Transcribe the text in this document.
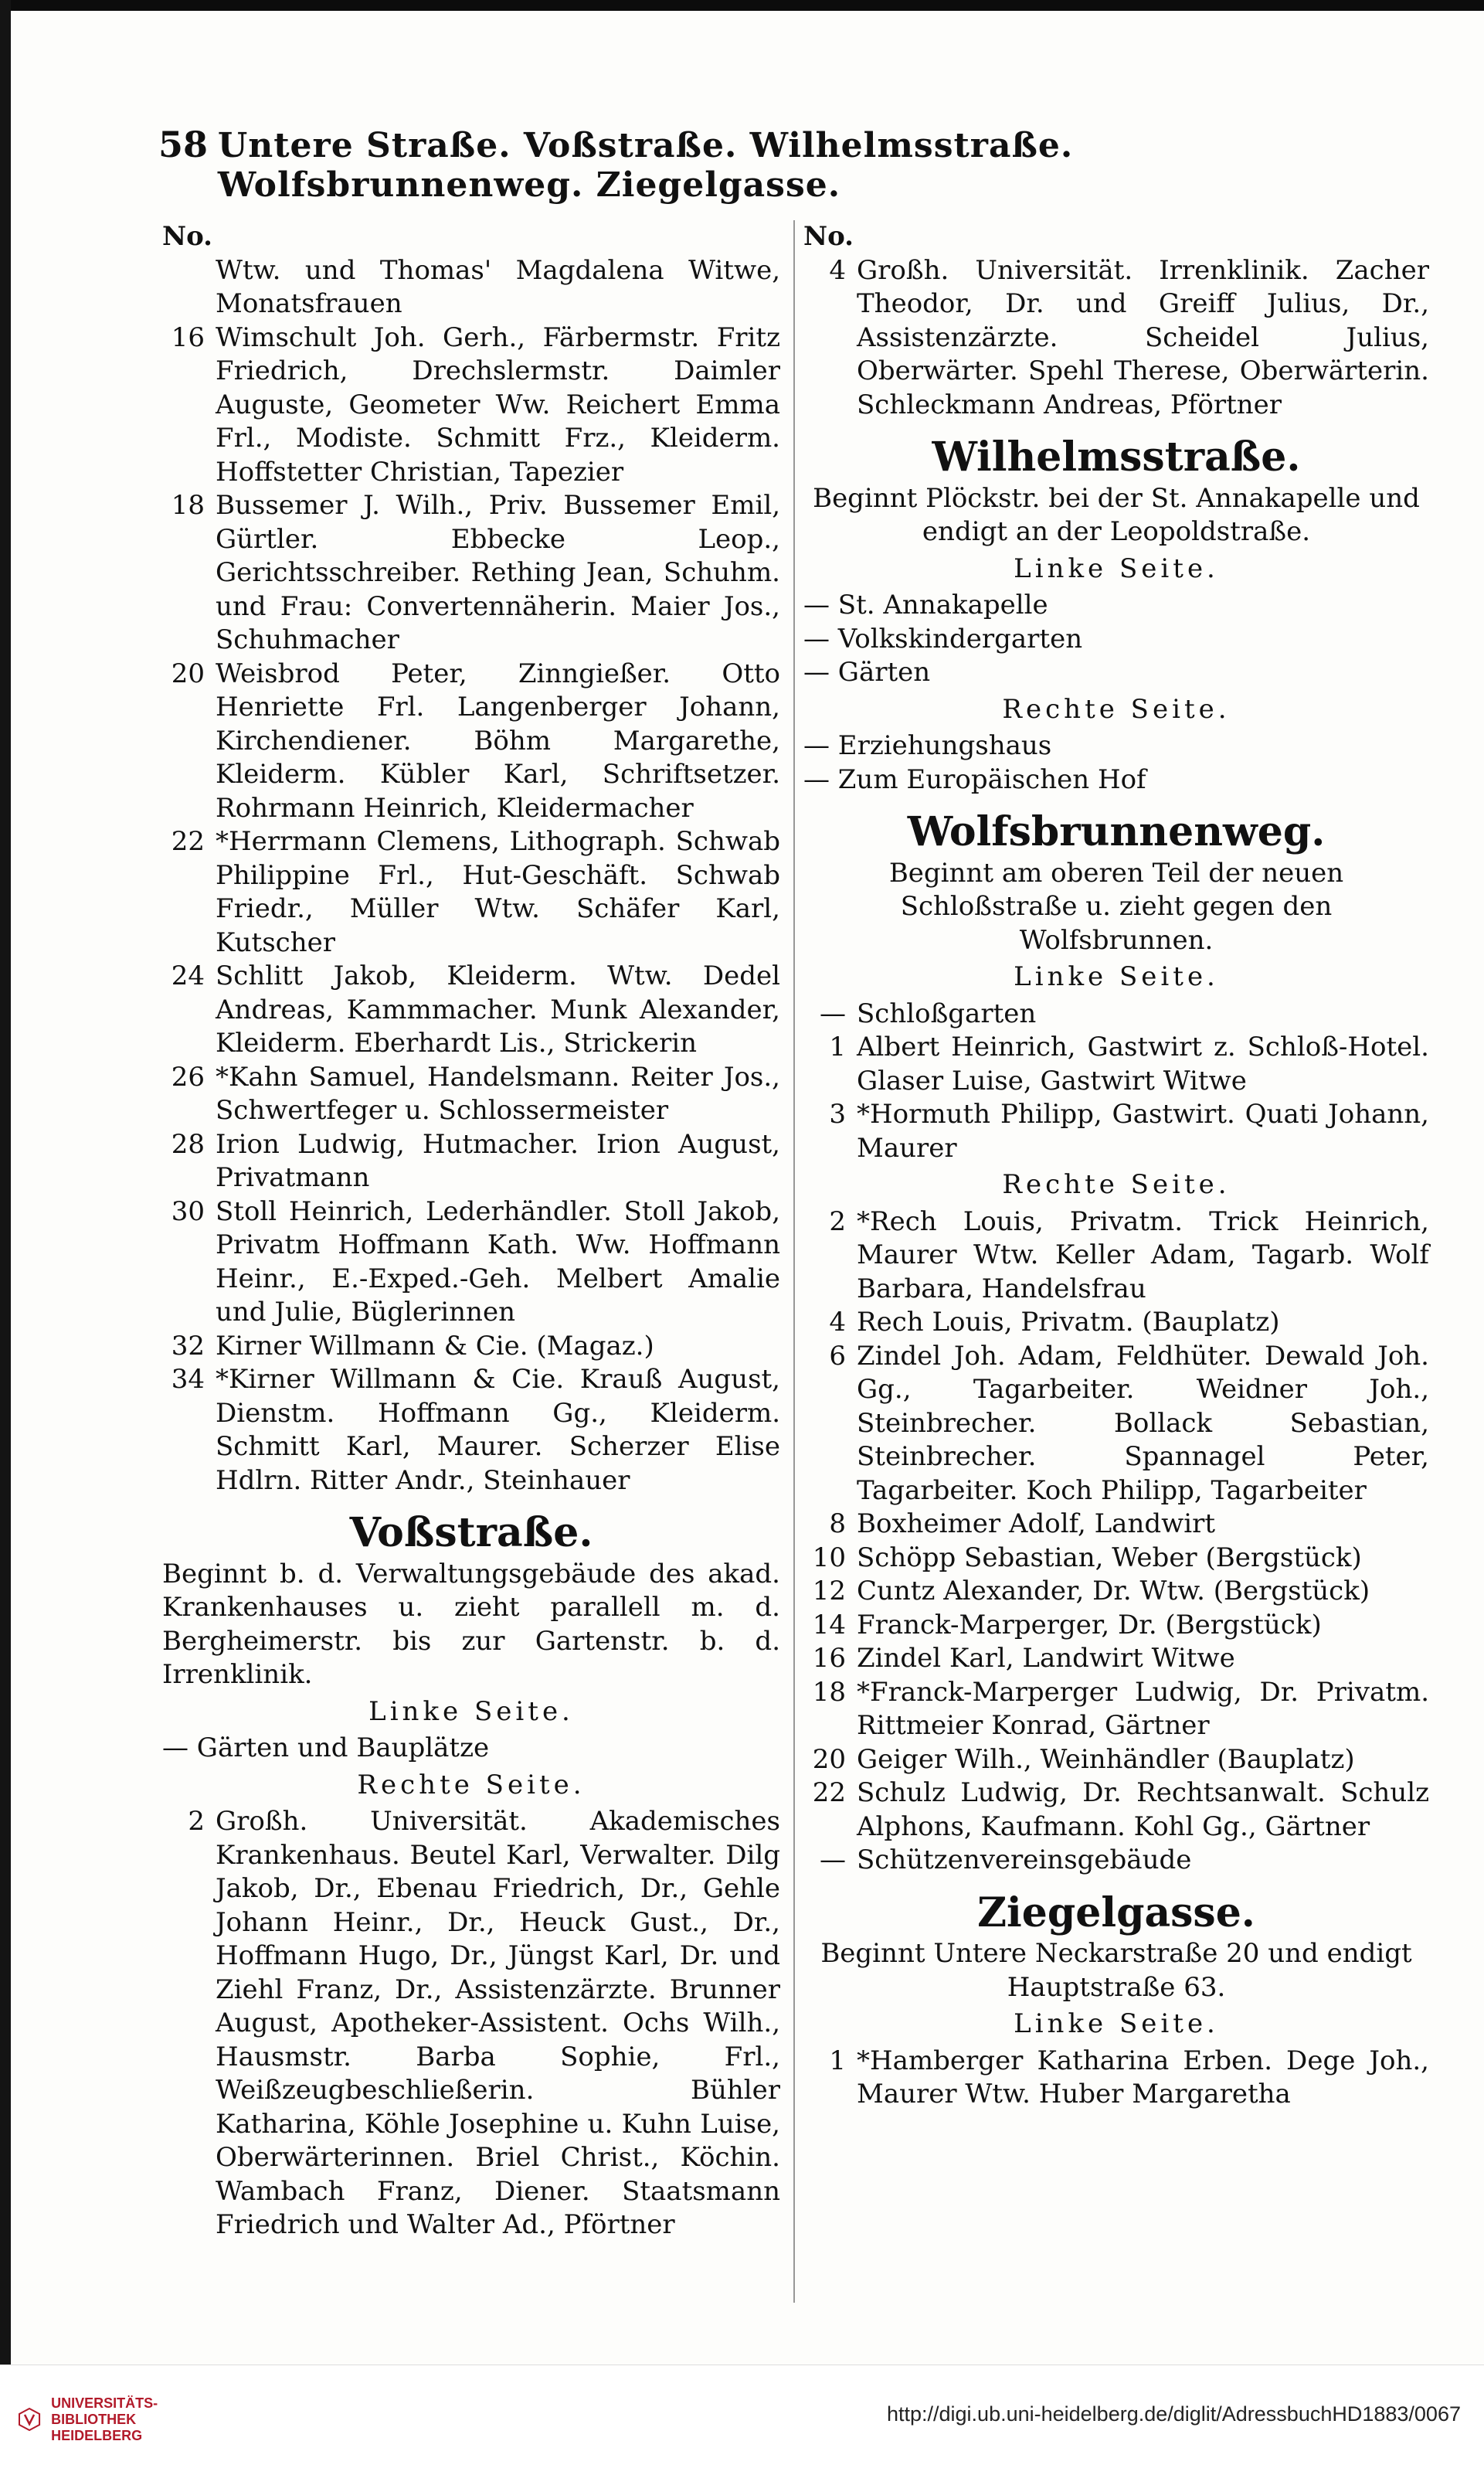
58 Untere Straße. Voßstraße. Wilhelmsstraße. Wolfsbrunnenweg. Ziegelgasse.
No.
Wtw. und Thomas' Magdalena Witwe, Monatsfrauen
16 Wimschult Joh. Gerh., Färbermstr. Fritz Friedrich, Drechslermstr. Daimler Auguste, Geometer Ww. Reichert Emma Frl., Modiste. Schmitt Frz., Kleiderm. Hoffstetter Christian, Tapezier
18 Bussemer J. Wilh., Priv. Bussemer Emil, Gürtler. Ebbecke Leop., Gerichtsschreiber. Rething Jean, Schuhm. und Frau: Convertennäherin. Maier Jos., Schuhmacher
20 Weisbrod Peter, Zinngießer. Otto Henriette Frl. Langenberger Johann, Kirchendiener. Böhm Margarethe, Kleiderm. Kübler Karl, Schriftsetzer. Rohrmann Heinrich, Kleidermacher
22 *Herrmann Clemens, Lithograph. Schwab Philippine Frl., Hut-Geschäft. Schwab Friedr., Müller Wtw. Schäfer Karl, Kutscher
24 Schlitt Jakob, Kleiderm. Wtw. Dedel Andreas, Kammmacher. Munk Alexander, Kleiderm. Eberhardt Lis., Strickerin
26 *Kahn Samuel, Handelsmann. Reiter Jos., Schwertfeger u. Schlossermeister
28 Irion Ludwig, Hutmacher. Irion August, Privatmann
30 Stoll Heinrich, Lederhändler. Stoll Jakob, Privatm Hoffmann Kath. Ww. Hoffmann Heinr., E.-Exped.-Geh. Melbert Amalie und Julie, Büglerinnen
32 Kirner Willmann & Cie. (Magaz.)
34 *Kirner Willmann & Cie. Krauß August, Dienstm. Hoffmann Gg., Kleiderm. Schmitt Karl, Maurer. Scherzer Elise Hdlrn. Ritter Andr., Steinhauer
Voßstraße.
Beginnt b. d. Verwaltungsgebäude des akad. Krankenhauses u. zieht parallell m. d. Bergheimerstr. bis zur Gartenstr. b. d. Irrenklinik.
Linke Seite.
— Gärten und Bauplätze
Rechte Seite.
2 Großh. Universität. Akademisches Krankenhaus. Beutel Karl, Verwalter. Dilg Jakob, Dr., Ebenau Friedrich, Dr., Gehle Johann Heinr., Dr., Heuck Gust., Dr., Hoffmann Hugo, Dr., Jüngst Karl, Dr. und Ziehl Franz, Dr., Assistenzärzte. Brunner August, Apotheker-Assistent. Ochs Wilh., Hausmstr. Barba Sophie, Frl., Weißzeugbeschließerin. Bühler Katharina, Köhle Josephine u. Kuhn Luise, Oberwärterinnen. Briel Christ., Köchin. Wambach Franz, Diener. Staatsmann Friedrich und Walter Ad., Pförtner
No.
4 Großh. Universität. Irrenklinik. Zacher Theodor, Dr. und Greiff Julius, Dr., Assistenzärzte. Scheidel Julius, Oberwärter. Spehl Therese, Oberwärterin. Schleckmann Andreas, Pförtner
Wilhelmsstraße.
Beginnt Plöckstr. bei der St. Annakapelle und endigt an der Leopoldstraße.
Linke Seite.
— St. Annakapelle
— Volkskindergarten
— Gärten
Rechte Seite.
— Erziehungshaus
— Zum Europäischen Hof
Wolfsbrunnenweg.
Beginnt am oberen Teil der neuen Schloßstraße u. zieht gegen den Wolfsbrunnen.
Linke Seite.
— Schloßgarten
1 Albert Heinrich, Gastwirt z. Schloß-Hotel. Glaser Luise, Gastwirt Witwe
3 *Hormuth Philipp, Gastwirt. Quati Johann, Maurer
Rechte Seite.
2 *Rech Louis, Privatm. Trick Heinrich, Maurer Wtw. Keller Adam, Tagarb. Wolf Barbara, Handelsfrau
4 Rech Louis, Privatm. (Bauplatz)
6 Zindel Joh. Adam, Feldhüter. Dewald Joh. Gg., Tagarbeiter. Weidner Joh., Steinbrecher. Bollack Sebastian, Steinbrecher. Spannagel Peter, Tagarbeiter. Koch Philipp, Tagarbeiter
8 Boxheimer Adolf, Landwirt
10 Schöpp Sebastian, Weber (Bergstück)
12 Cuntz Alexander, Dr. Wtw. (Bergstück)
14 Franck-Marperger, Dr. (Bergstück)
16 Zindel Karl, Landwirt Witwe
18 *Franck-Marperger Ludwig, Dr. Privatm. Rittmeier Konrad, Gärtner
20 Geiger Wilh., Weinhändler (Bauplatz)
22 Schulz Ludwig, Dr. Rechtsanwalt. Schulz Alphons, Kaufmann. Kohl Gg., Gärtner
— Schützenvereinsgebäude
Ziegelgasse.
Beginnt Untere Neckarstraße 20 und endigt Hauptstraße 63.
Linke Seite.
1 *Hamberger Katharina Erben. Dege Joh., Maurer Wtw. Huber Margaretha
UNIVERSITÄTS-BIBLIOTHEK HEIDELBERG
http://digi.ub.uni-heidelberg.de/diglit/AdressbuchHD1883/0067
